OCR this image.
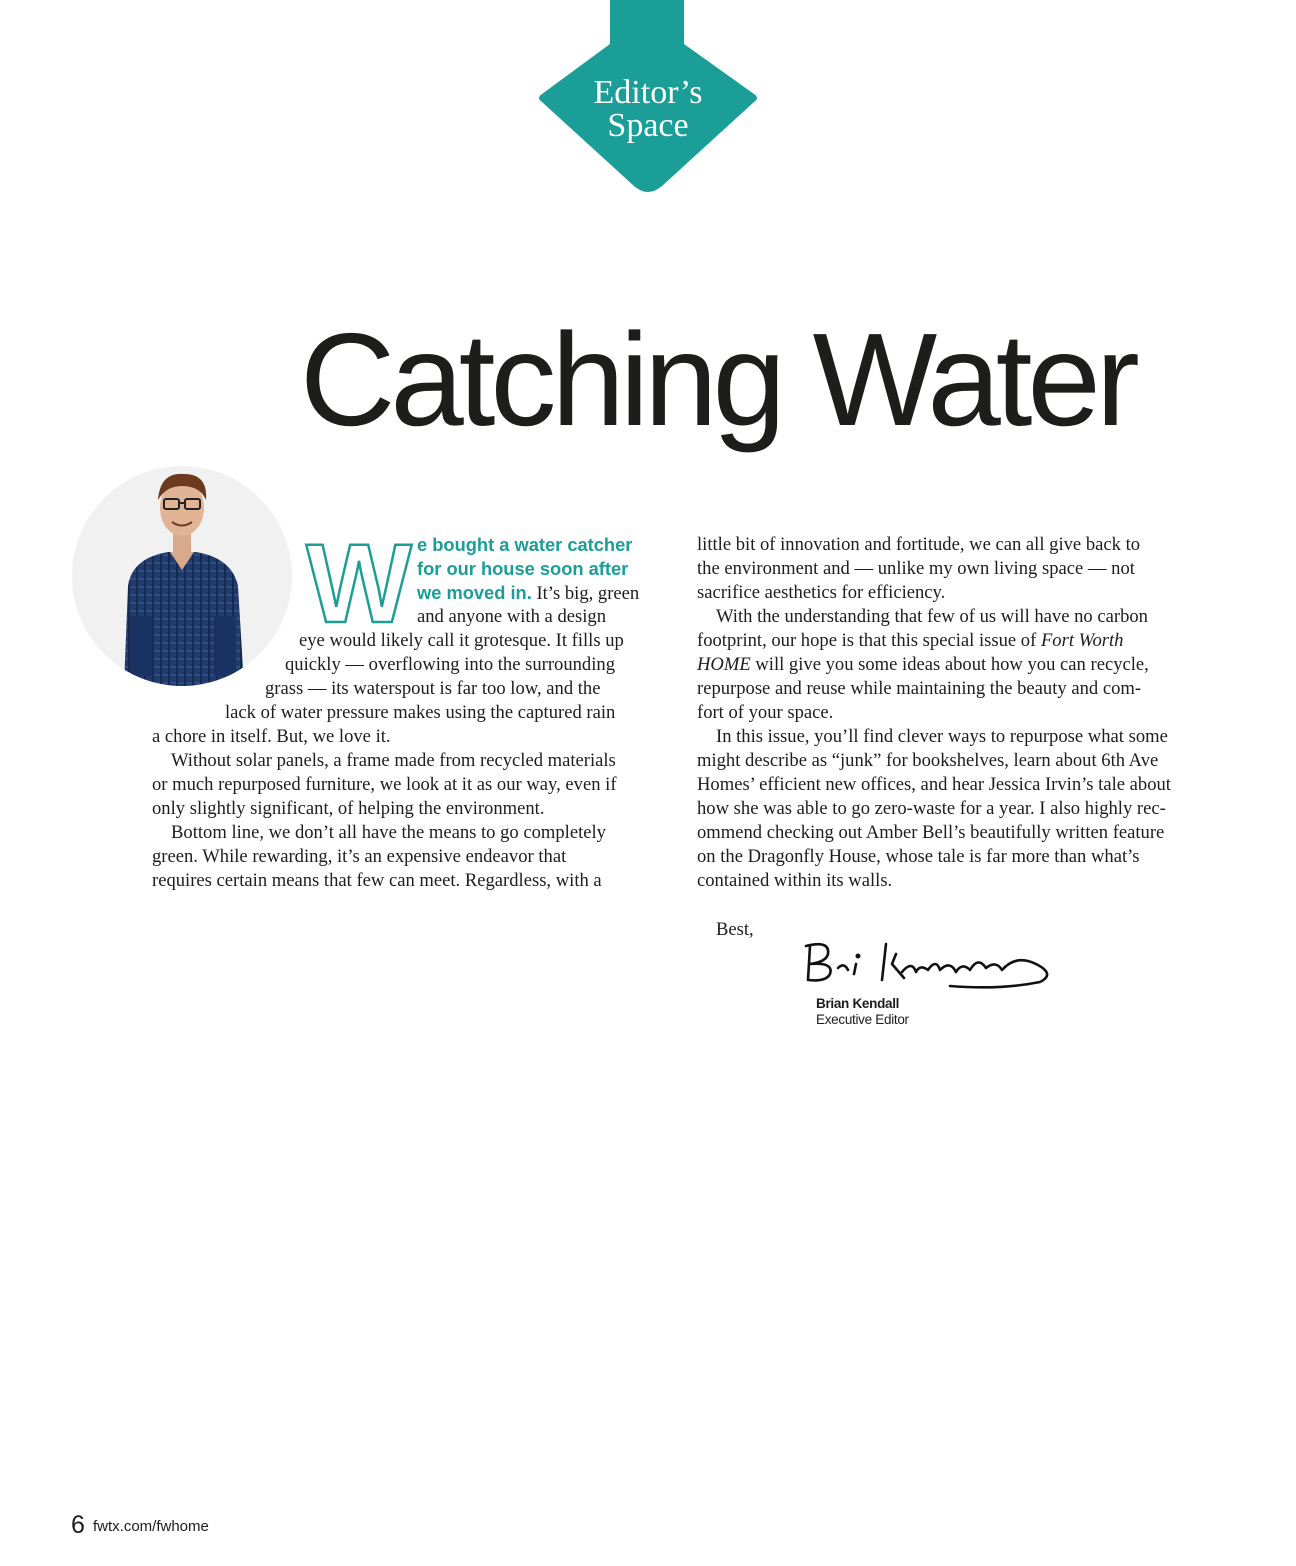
Editor’s
Space
Catching Water
W e bought a water catcher
for our house soon after
we moved in. It’s big, green
and anyone with a design
eye would likely call it grotesque. It fills up
quickly — overflowing into the surrounding
grass — its waterspout is far too low, and the
lack of water pressure makes using the captured rain
a chore in itself. But, we love it.
Without solar panels, a frame made from recycled materials
or much repurposed furniture, we look at it as our way, even if
only slightly significant, of helping the environment.
Bottom line, we don’t all have the means to go completely
green. While rewarding, it’s an expensive endeavor that
requires certain means that few can meet. Regardless, with a
little bit of innovation and fortitude, we can all give back to
the environment and — unlike my own living space — not
sacrifice aesthetics for efficiency.
With the understanding that few of us will have no carbon
footprint, our hope is that this special issue of Fort Worth
HOME will give you some ideas about how you can recycle,
repurpose and reuse while maintaining the beauty and com-
fort of your space.
In this issue, you’ll find clever ways to repurpose what some
might describe as “junk” for bookshelves, learn about 6th Ave
Homes’ efficient new offices, and hear Jessica Irvin’s tale about
how she was able to go zero-waste for a year. I also highly rec-
ommend checking out Amber Bell’s beautifully written feature
on the Dragonfly House, whose tale is far more than what’s
contained within its walls.
Best,
Brian Kendall
Executive Editor
6 fwtx.com/fwhome
